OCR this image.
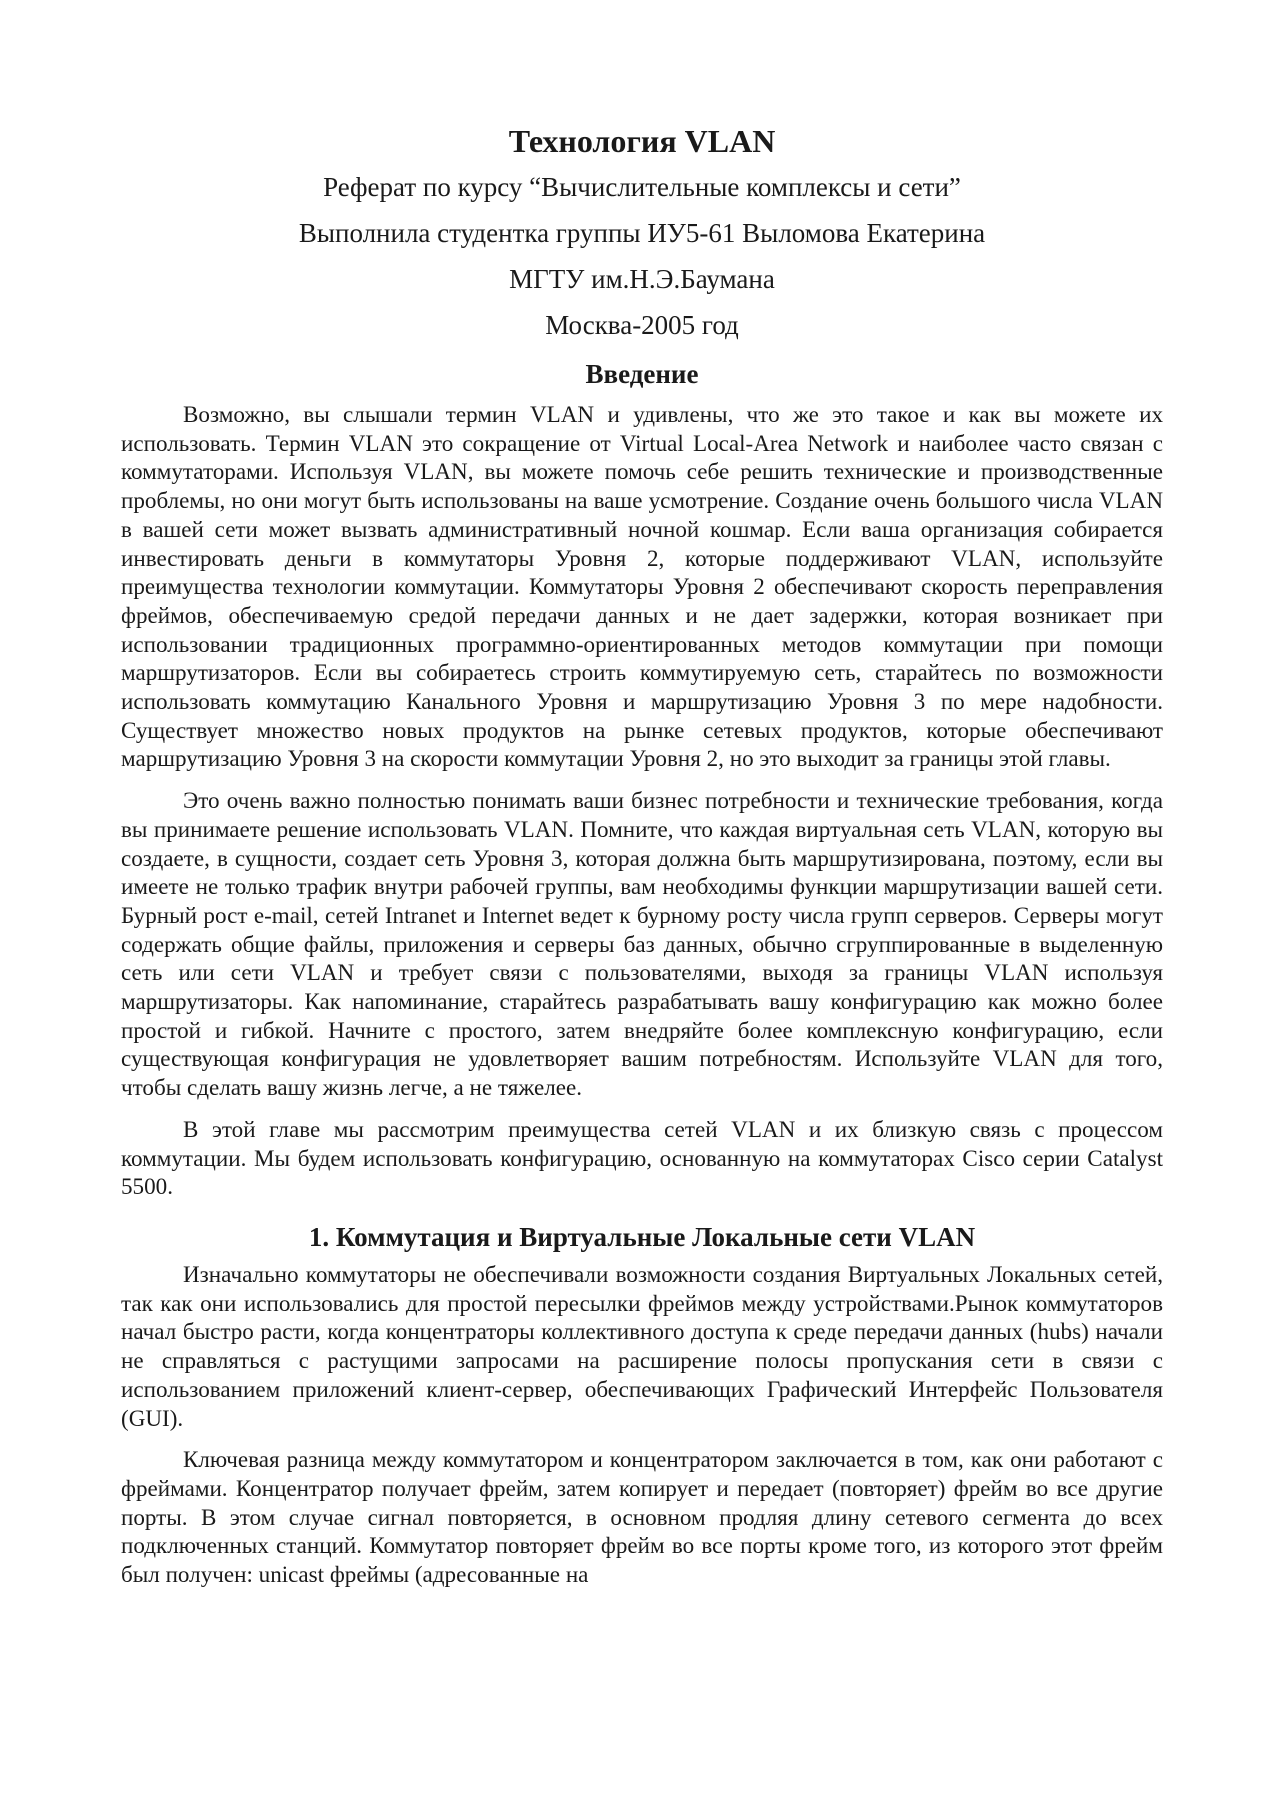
Технология VLAN

Реферат по курсу “Вычислительные комплексы и сети”

Выполнила студентка группы ИУ5-61 Выломова Екатерина

МГТУ им.Н.Э.Баумана

Москва-2005 год

Введение

Возможно, вы слышали термин VLAN и удивлены, что же это такое и как вы можете их использовать. Термин VLAN это сокращение от Virtual Local-Area Network и наиболее часто связан с коммутаторами. Используя VLAN, вы можете помочь себе решить технические и производственные проблемы, но они могут быть использованы на ваше усмотрение. Создание очень большого числа VLAN в вашей сети может вызвать административный ночной кошмар. Если ваша организация собирается инвестировать деньги в коммутаторы Уровня 2, которые поддерживают VLAN, используйте преимущества технологии коммутации. Коммутаторы Уровня 2 обеспечивают скорость переправления фреймов, обеспечиваемую средой передачи данных и не дает задержки, которая возникает при использовании традиционных программно-ориентированных методов коммутации при помощи маршрутизаторов. Если вы собираетесь строить коммутируемую сеть, старайтесь по возможности использовать коммутацию Канального Уровня и маршрутизацию Уровня 3 по мере надобности. Существует множество новых продуктов на рынке сетевых продуктов, которые обеспечивают маршрутизацию Уровня 3 на скорости коммутации Уровня 2, но это выходит за границы этой главы.

Это очень важно полностью понимать ваши бизнес потребности и технические требования, когда вы принимаете решение использовать VLAN. Помните, что каждая виртуальная сеть VLAN, которую вы создаете, в сущности, создает сеть Уровня 3, которая должна быть маршрутизирована, поэтому, если вы имеете не только трафик внутри рабочей группы, вам необходимы функции маршрутизации вашей сети. Бурный рост e-mail, сетей Intranet и Internet ведет к бурному росту числа групп серверов. Серверы могут содержать общие файлы, приложения и серверы баз данных, обычно сгруппированные в выделенную сеть или сети VLAN и требует связи с пользователями, выходя за границы VLAN используя маршрутизаторы. Как напоминание, старайтесь разрабатывать вашу конфигурацию как можно более простой и гибкой. Начните с простого, затем внедряйте более комплексную конфигурацию, если существующая конфигурация не удовлетворяет вашим потребностям. Используйте VLAN для того, чтобы сделать вашу жизнь легче, а не тяжелее.

В этой главе мы рассмотрим преимущества сетей VLAN и их близкую связь с процессом коммутации. Мы будем использовать конфигурацию, основанную на коммутаторах Cisco серии Catalyst 5500.

1. Коммутация и Виртуальные Локальные сети VLAN

Изначально коммутаторы не обеспечивали возможности создания Виртуальных Локальных сетей, так как они использовались для простой пересылки фреймов между устройствами.Рынок коммутаторов начал быстро расти, когда концентраторы коллективного доступа к среде передачи данных (hubs) начали не справляться с растущими запросами на расширение полосы пропускания сети в связи с использованием приложений клиент-сервер, обеспечивающих Графический Интерфейс Пользователя (GUI).

Ключевая разница между коммутатором и концентратором заключается в том, как они работают с фреймами. Концентратор получает фрейм, затем копирует и передает (повторяет) фрейм во все другие порты. В этом случае сигнал повторяется, в основном продляя длину сетевого сегмента до всех подключенных станций. Коммутатор повторяет фрейм во все порты кроме того, из которого этот фрейм был получен: unicast фреймы (адресованные на
